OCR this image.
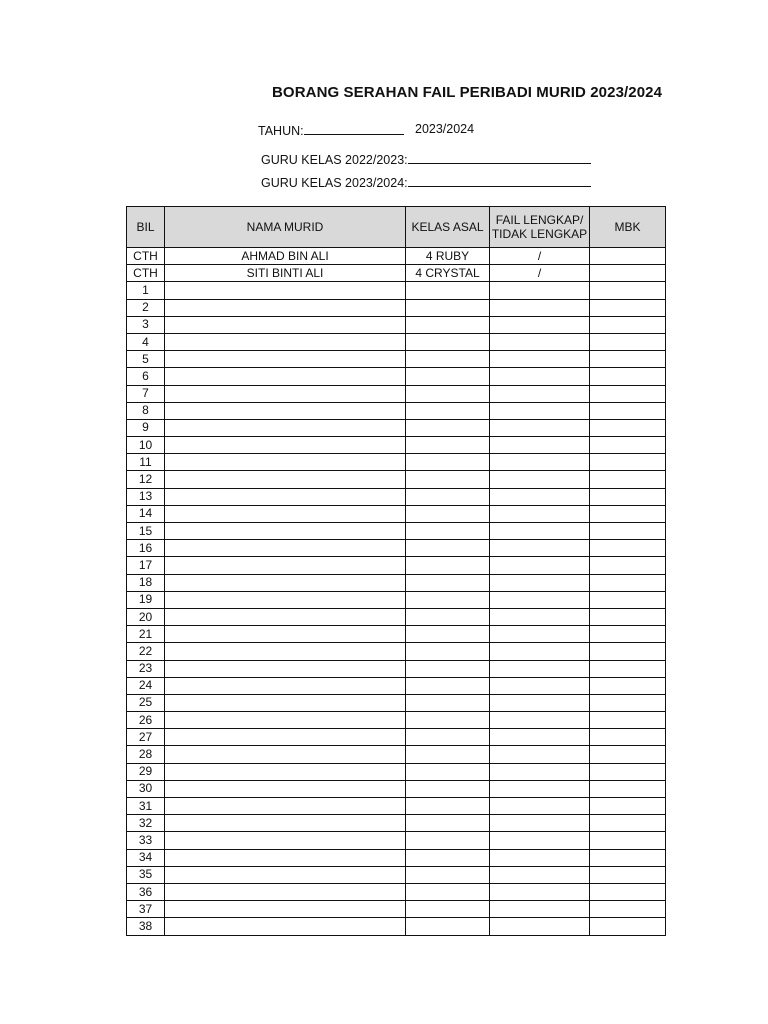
BORANG SERAHAN FAIL PERIBADI MURID 2023/2024
TAHUN:	2023/2024
GURU KELAS 2022/2023:
GURU KELAS 2023/2024:
BIL	NAMA MURID	KELAS ASAL	FAIL LENGKAP/ TIDAK LENGKAP	MBK
CTH	AHMAD BIN ALI	4 RUBY	/	
CTH	SITI BINTI ALI	4 CRYSTAL	/	
1				
2				
3				
4				
5				
6				
7				
8				
9				
10				
11				
12				
13				
14				
15				
16				
17				
18				
19				
20				
21				
22				
23				
24				
25				
26				
27				
28				
29				
30				
31				
32				
33				
34				
35				
36				
37				
38				
